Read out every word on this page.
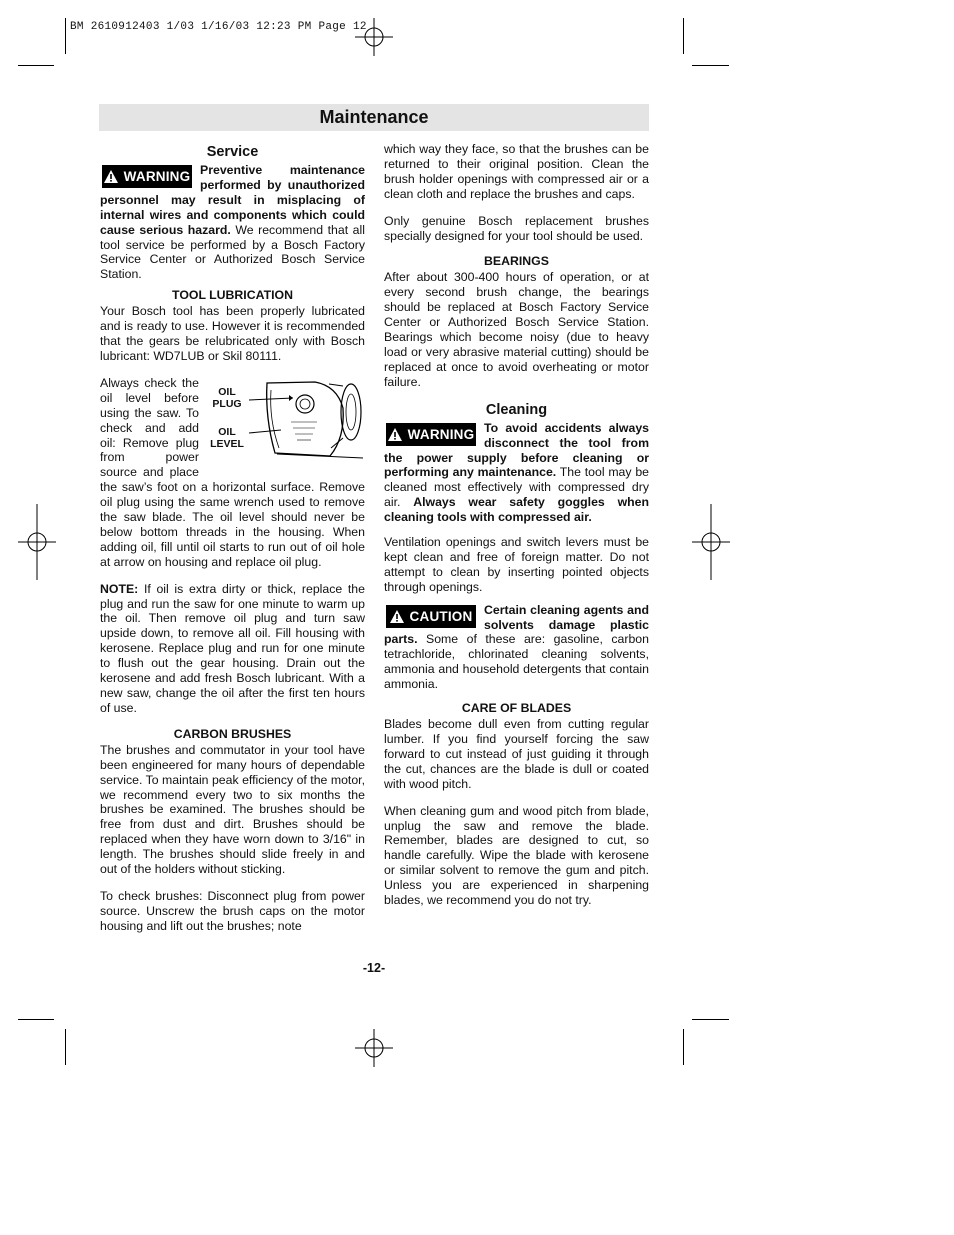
BM 2610912403 1/03 1/16/03 12:23 PM Page 12
Maintenance
Service

WARNING Preventive maintenance performed by unauthorized personnel may result in misplacing of internal wires and components which could cause serious hazard. We recommend that all tool service be performed by a Bosch Factory Service Center or Authorized Bosch Service Station.

TOOL LUBRICATION

Your Bosch tool has been properly lubricated and is ready to use. However it is recommended that the gears be relubricated only with Bosch lubricant: WD7LUB or Skil 80111.

OIL
PLUG
OIL
LEVEL
Always check the oil level before using the saw. To check and add oil: Remove plug from power source and place the saw’s foot on a horizontal surface. Remove oil plug using the same wrench used to remove the saw blade. The oil level should never be below bottom threads in the housing. When adding oil, fill until oil starts to run out of oil hole at arrow on housing and replace oil plug.

NOTE: If oil is extra dirty or thick, replace the plug and run the saw for one minute to warm up the oil. Then remove oil plug and turn saw upside down, to remove all oil. Fill housing with kerosene. Replace plug and run for one minute to flush out the gear housing. Drain out the kerosene and add fresh Bosch lubricant. With a new saw, change the oil after the first ten hours of use.

CARBON BRUSHES

The brushes and commutator in your tool have been engineered for many hours of dependable service. To maintain peak efficiency of the motor, we recommend every two to six months the brushes be examined. The brushes should be free from dust and dirt. Brushes should be replaced when they have worn down to 3/16" in length. The brushes should slide freely in and out of the holders without sticking.

To check brushes: Disconnect plug from power source. Unscrew the brush caps on the motor housing and lift out the brushes; note

which way they face, so that the brushes can be returned to their original position. Clean the brush holder openings with compressed air or a clean cloth and replace the brushes and caps.

Only genuine Bosch replacement brushes specially designed for your tool should be used.

BEARINGS

After about 300-400 hours of operation, or at every second brush change, the bearings should be replaced at Bosch Factory Service Center or Authorized Bosch Service Station. Bearings which become noisy (due to heavy load or very abrasive material cutting) should be replaced at once to avoid overheating or motor failure.

Cleaning

WARNING To avoid accidents always disconnect the tool from the power supply before cleaning or performing any maintenance. The tool may be cleaned most effectively with compressed dry air. Always wear safety goggles when cleaning tools with compressed air.

Ventilation openings and switch levers must be kept clean and free of foreign matter. Do not attempt to clean by inserting pointed objects through openings.

CAUTION Certain cleaning agents and solvents damage plastic parts. Some of these are: gasoline, carbon tetrachloride, chlorinated cleaning solvents, ammonia and household detergents that contain ammonia.

CARE OF BLADES

Blades become dull even from cutting regular lumber. If you find yourself forcing the saw forward to cut instead of just guiding it through the cut, chances are the blade is dull or coated with wood pitch.

When cleaning gum and wood pitch from blade, unplug the saw and remove the blade. Remember, blades are designed to cut, so handle carefully. Wipe the blade with kerosene or similar solvent to remove the gum and pitch. Unless you are experienced in sharpening blades, we recommend you do not try.

-12-
